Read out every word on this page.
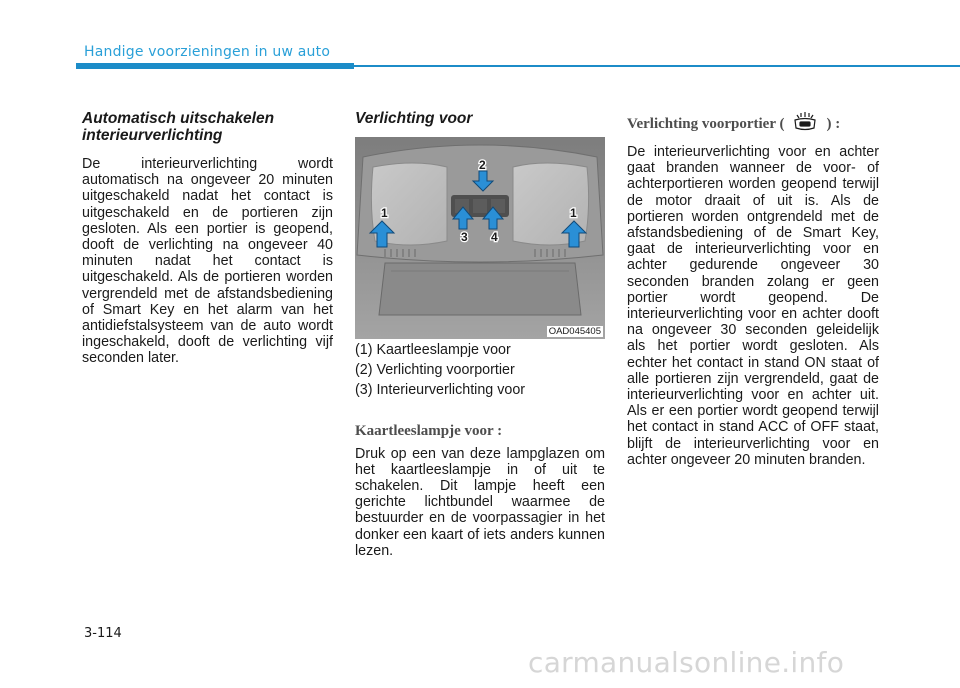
Handige voorzieningen in uw auto

Automatisch uitschakelen
interieurverlichting

De interieurverlichting wordt automatisch na ongeveer 20 minuten uitgeschakeld nadat het contact is uitgeschakeld en de portieren zijn gesloten. Als een portier is geopend, dooft de verlichting na ongeveer 40 minuten nadat het contact is uitgeschakeld. Als de portieren worden vergrendeld met de afstandsbediening of Smart Key en het alarm van het antidiefstalsysteem van de auto wordt ingeschakeld, dooft de verlichting vijf seconden later.

Verlichting voor

1
2
3 4
1
OAD045405

(1) Kaartleeslampje voor

(2) Verlichting voorportier

(3) Interieurverlichting voor

Kaartleeslampje voor :

Druk op een van deze lampglazen om het kaartleeslampje in of uit te schakelen. Dit lampje heeft een gerichte lichtbundel waarmee de bestuurder en de voorpassagier in het donker een kaart of iets anders kunnen lezen.

Verlichting voorportier (	) :

De interieurverlichting voor en achter gaat branden wanneer de voor- of achterportieren worden geopend terwijl de motor draait of uit is. Als de portieren worden ontgrendeld met de afstandsbediening of de Smart Key, gaat de interieurverlichting voor en achter gedurende ongeveer 30 seconden branden zolang er geen portier wordt geopend. De interieurverlichting voor en achter dooft na ongeveer 30 seconden geleidelijk als het portier wordt gesloten. Als echter het contact in stand ON staat of alle portieren zijn vergrendeld, gaat de interieurverlichting voor en achter uit. Als er een portier wordt geopend terwijl het contact in stand ACC of OFF staat, blijft de interieurverlichting voor en achter ongeveer 20 minuten branden.

3-114
carmanualsonline.info
